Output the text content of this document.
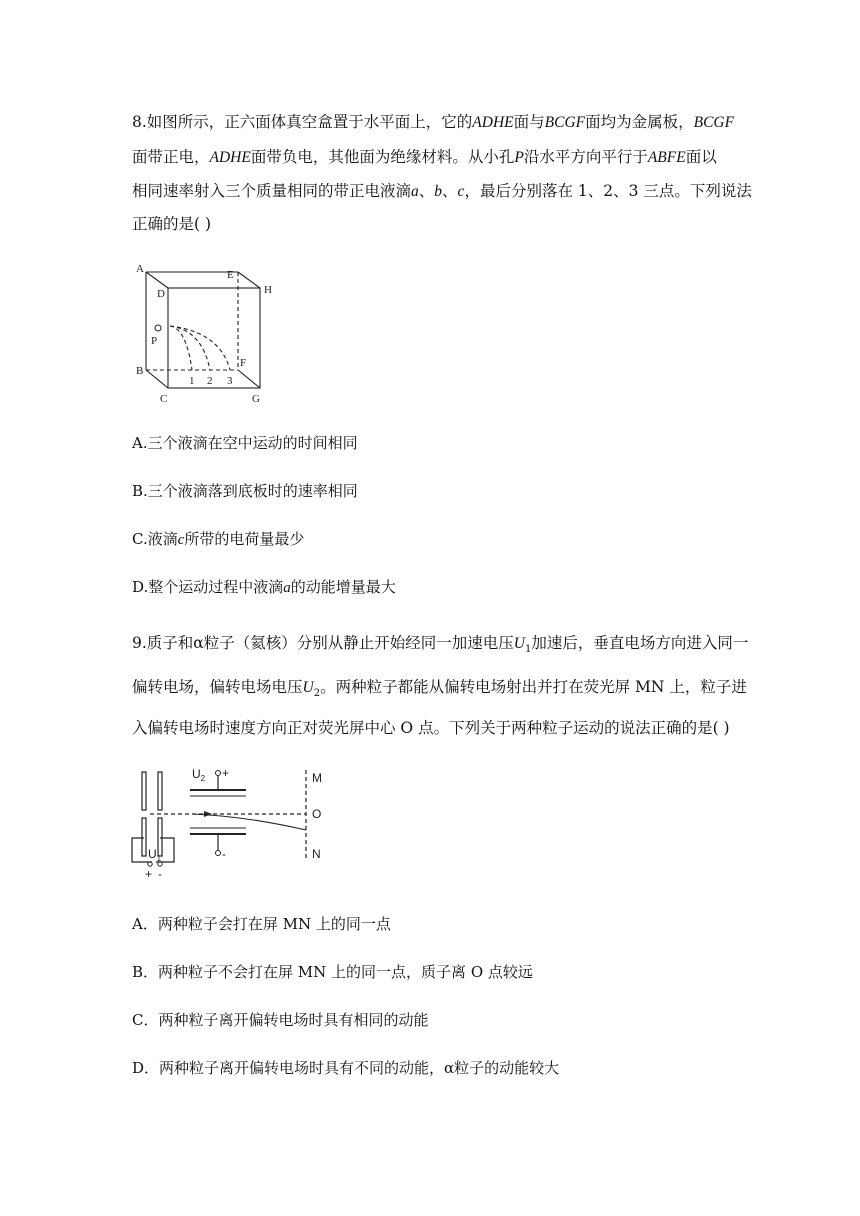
8.如图所示，正六面体真空盒置于水平面上，它的ADHE面与BCGF面均为金属板，BCGF
面带正电，ADHE面带负电，其他面为绝缘材料。从小孔P沿水平方向平行于ABFE面以
相同速率射入三个质量相同的带正电液滴a、b、c，最后分别落在 1、2、3 三点。下列说法
正确的是( )
A
D
E
H
P
F
B
C	G
1 2 3
A.三个液滴在空中运动的时间相同
B.三个液滴落到底板时的速率相同
C.液滴c所带的电荷量最少
D.整个运动过程中液滴a的动能增量最大
9.质子和α粒子（氦核）分别从静止开始经同一加速电压$U_1$加速后，垂直电场方向进入同一
偏转电场，偏转电场电压$U_2$。两种粒子都能从偏转电场射出并打在荧光屏 MN 上，粒子进
入偏转电场时速度方向正对荧光屏中心 O 点。下列关于两种粒子运动的说法正确的是( )
$U_2$ +
-
M
O
N
$U_1$
+ -
A．两种粒子会打在屏 MN 上的同一点
B．两种粒子不会打在屏 MN 上的同一点，质子离 O 点较远
C．两种粒子离开偏转电场时具有相同的动能
D．两种粒子离开偏转电场时具有不同的动能，α粒子的动能较大
